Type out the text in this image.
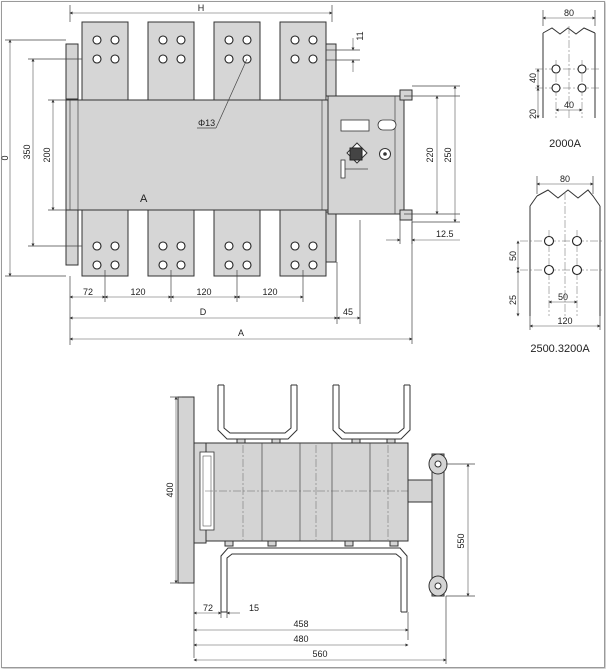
H
11
Φ13
0 350 200	220 250
12.5
A
72	120	120	120
D	45
A
80
40
20
40
2000A
80
50
25	50
120
2500.3200A
400
550
72	15
458
480
560
